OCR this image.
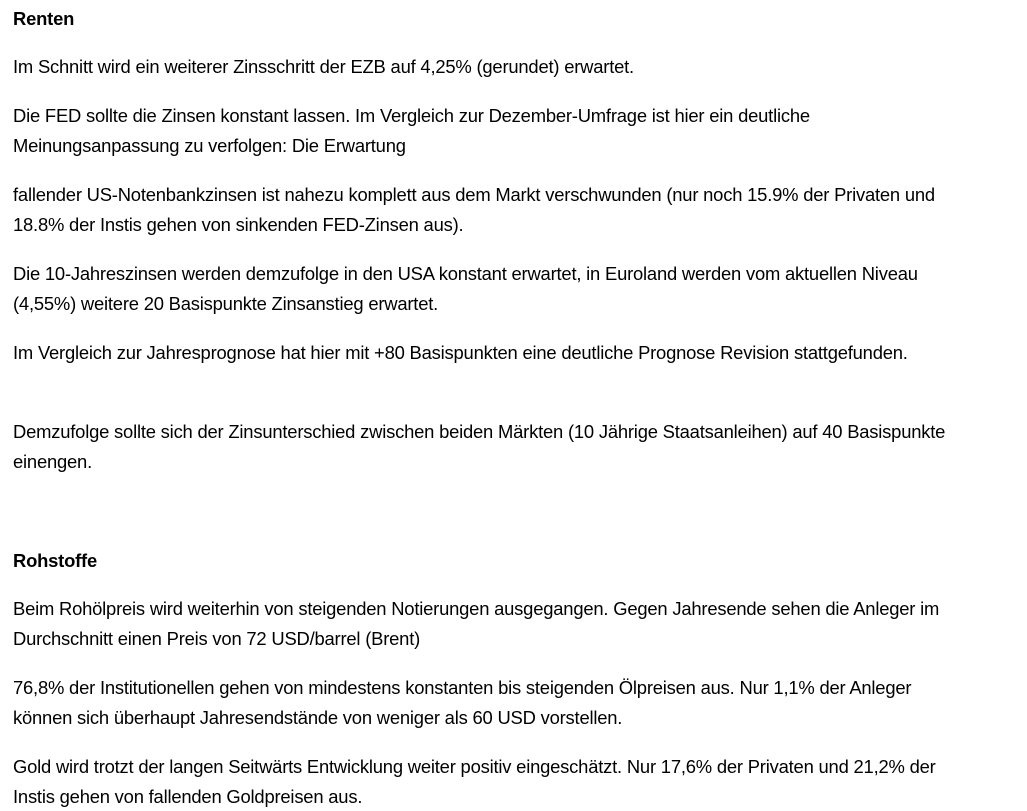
Renten
Im Schnitt wird ein weiterer Zinsschritt der EZB auf 4,25% (gerundet) erwartet.
Die FED sollte die Zinsen konstant lassen. Im Vergleich zur Dezember-Umfrage ist hier ein deutliche
Meinungsanpassung zu verfolgen: Die Erwartung
fallender US-Notenbankzinsen ist nahezu komplett aus dem Markt verschwunden (nur noch 15.9% der Privaten und
18.8% der Instis gehen von sinkenden FED-Zinsen aus).
Die 10-Jahreszinsen werden demzufolge in den USA konstant erwartet, in Euroland werden vom aktuellen Niveau
(4,55%) weitere 20 Basispunkte Zinsanstieg erwartet.
Im Vergleich zur Jahresprognose hat hier mit +80 Basispunkten eine deutliche Prognose Revision stattgefunden.
Demzufolge sollte sich der Zinsunterschied zwischen beiden Märkten (10 Jährige Staatsanleihen) auf 40 Basispunkte
einengen.
Rohstoffe
Beim Rohölpreis wird weiterhin von steigenden Notierungen ausgegangen. Gegen Jahresende sehen die Anleger im
Durchschnitt einen Preis von 72 USD/barrel (Brent)
76,8% der Institutionellen gehen von mindestens konstanten bis steigenden Ölpreisen aus. Nur 1,1% der Anleger
können sich überhaupt Jahresendstände von weniger als 60 USD vorstellen.
Gold wird trotzt der langen Seitwärts Entwicklung weiter positiv eingeschätzt. Nur 17,6% der Privaten und 21,2% der
Instis gehen von fallenden Goldpreisen aus.
